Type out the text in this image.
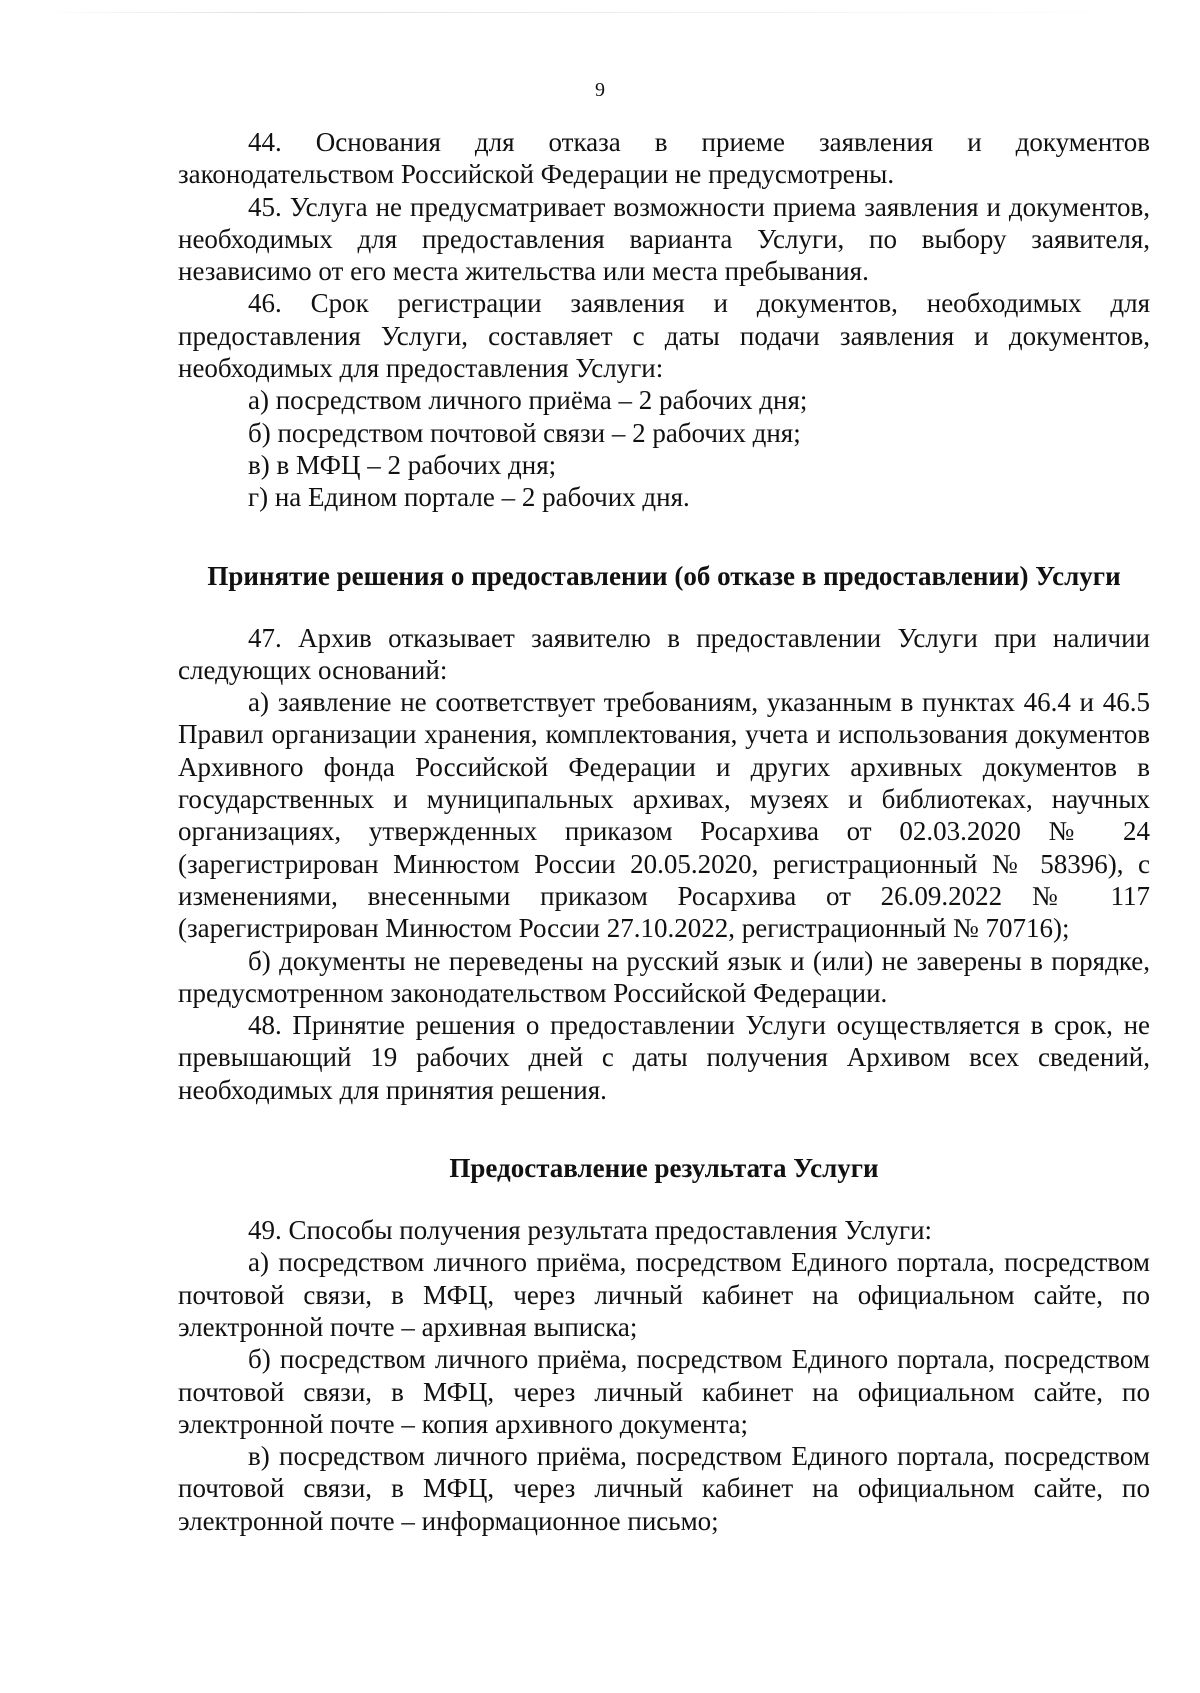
9

44. Основания для отказа в приеме заявления и документов законодательством Российской Федерации не предусмотрены.

45. Услуга не предусматривает возможности приема заявления и документов, необходимых для предоставления варианта Услуги, по выбору заявителя, независимо от его места жительства или места пребывания.

46. Срок регистрации заявления и документов, необходимых для предоставления Услуги, составляет с даты подачи заявления и документов, необходимых для предоставления Услуги:

а) посредством личного приёма – 2 рабочих дня;

б) посредством почтовой связи – 2 рабочих дня;

в) в МФЦ – 2 рабочих дня;

г) на Едином портале – 2 рабочих дня.

Принятие решения о предоставлении (об отказе в предоставлении) Услуги

47. Архив отказывает заявителю в предоставлении Услуги при наличии следующих оснований:

а) заявление не соответствует требованиям, указанным в пунктах 46.4 и 46.5 Правил организации хранения, комплектования, учета и использования документов Архивного фонда Российской Федерации и других архивных документов в государственных и муниципальных архивах, музеях и библиотеках, научных организациях, утвержденных приказом Росархива от 02.03.2020 № 24 (зарегистрирован Минюстом России 20.05.2020, регистрационный № 58396), с изменениями, внесенными приказом Росархива от 26.09.2022 № 117 (зарегистрирован Минюстом России 27.10.2022, регистрационный № 70716);

б) документы не переведены на русский язык и (или) не заверены в порядке, предусмотренном законодательством Российской Федерации.

48. Принятие решения о предоставлении Услуги осуществляется в срок, не превышающий 19 рабочих дней с даты получения Архивом всех сведений, необходимых для принятия решения.

Предоставление результата Услуги

49. Способы получения результата предоставления Услуги:

а) посредством личного приёма, посредством Единого портала, посредством почтовой связи, в МФЦ, через личный кабинет на официальном сайте, по электронной почте – архивная выписка;

б) посредством личного приёма, посредством Единого портала, посредством почтовой связи, в МФЦ, через личный кабинет на официальном сайте, по электронной почте – копия архивного документа;

в) посредством личного приёма, посредством Единого портала, посредством почтовой связи, в МФЦ, через личный кабинет на официальном сайте, по электронной почте – информационное письмо;
